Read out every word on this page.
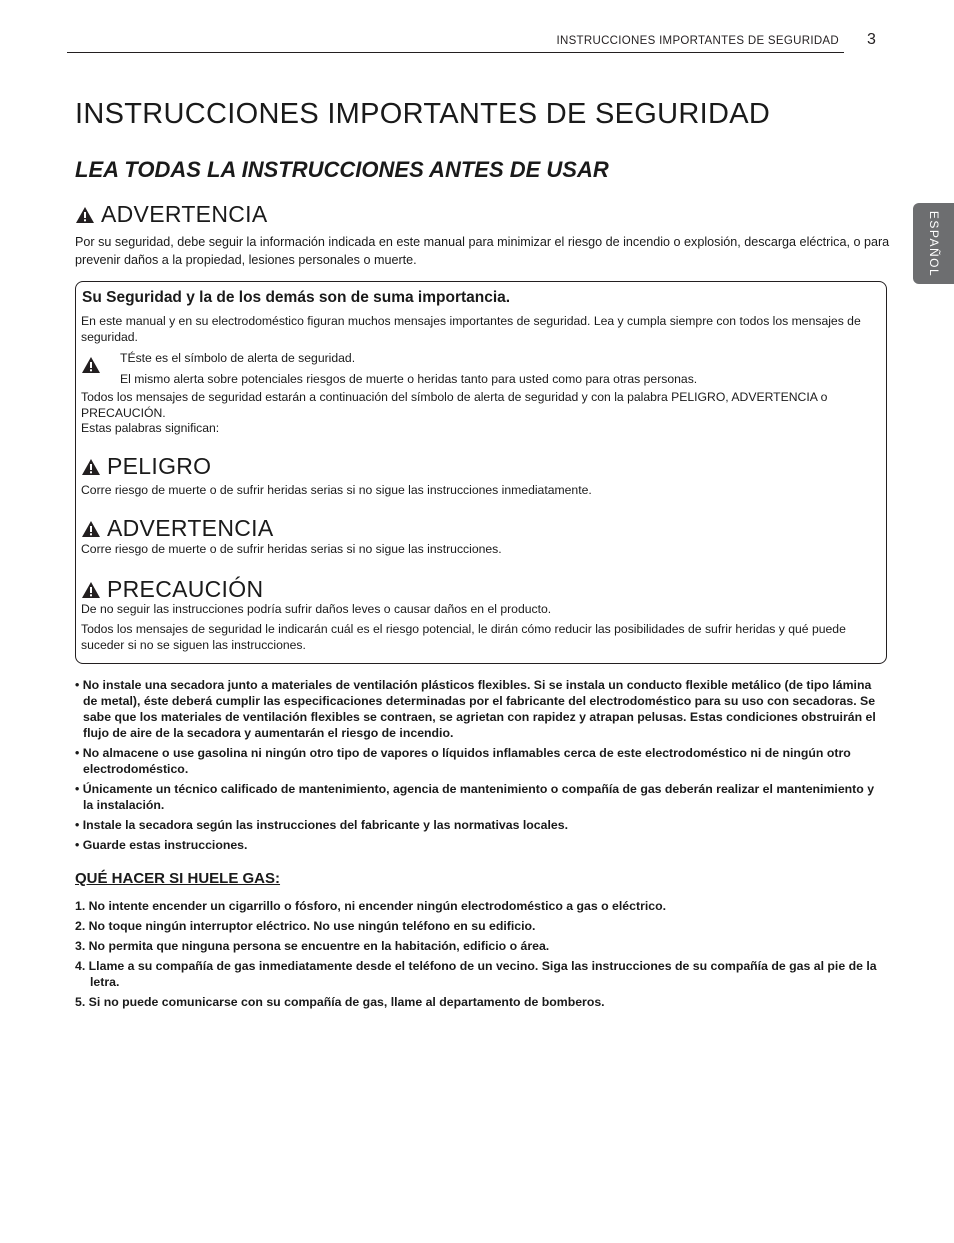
INSTRUCCIONES IMPORTANTES DE SEGURIDAD 3
ESPAÑOL
INSTRUCCIONES IMPORTANTES DE SEGURIDAD
LEA TODAS LA INSTRUCCIONES ANTES DE USAR
ADVERTENCIA
Por su seguridad, debe seguir la información indicada en este manual para minimizar el riesgo de incendio o explosión, descarga eléctrica, o para prevenir daños a la propiedad, lesiones personales o muerte.
Su Seguridad y la de los demás son de suma importancia.
En este manual y en su electrodoméstico figuran muchos mensajes importantes de seguridad. Lea y cumpla siempre con todos los mensajes de seguridad.
TÉste es el símbolo de alerta de seguridad.
El mismo alerta sobre potenciales riesgos de muerte o heridas tanto para usted como para otras personas.
Todos los mensajes de seguridad estarán a continuación del símbolo de alerta de seguridad y con la palabra PELIGRO, ADVERTENCIA o PRECAUCIÓN.
Estas palabras significan:
PELIGRO
Corre riesgo de muerte o de sufrir heridas serias si no sigue las instrucciones inmediatamente.
ADVERTENCIA
Corre riesgo de muerte o de sufrir heridas serias si no sigue las instrucciones.
PRECAUCIÓN
De no seguir las instrucciones podría sufrir daños leves o causar daños en el producto.
Todos los mensajes de seguridad le indicarán cuál es el riesgo potencial, le dirán cómo reducir las posibilidades de sufrir heridas y qué puede suceder si no se siguen las instrucciones.
• No instale una secadora junto a materiales de ventilación plásticos flexibles. Si se instala un conducto flexible metálico (de tipo lámina de metal), éste deberá cumplir las especificaciones determinadas por el fabricante del electrodoméstico para su uso con secadoras. Se sabe que los materiales de ventilación flexibles se contraen, se agrietan con rapidez y atrapan pelusas. Estas condiciones obstruirán el flujo de aire de la secadora y aumentarán el riesgo de incendio.
• No almacene o use gasolina ni ningún otro tipo de vapores o líquidos inflamables cerca de este electrodoméstico ni de ningún otro electrodoméstico.
• Únicamente un técnico calificado de mantenimiento, agencia de mantenimiento o compañía de gas deberán realizar el mantenimiento y la instalación.
• Instale la secadora según las instrucciones del fabricante y las normativas locales.
• Guarde estas instrucciones.
QUÉ HACER SI HUELE GAS:
1. No intente encender un cigarrillo o fósforo, ni encender ningún electrodoméstico a gas o eléctrico.
2. No toque ningún interruptor eléctrico. No use ningún teléfono en su edificio.
3. No permita que ninguna persona se encuentre en la habitación, edificio o área.
4. Llame a su compañía de gas inmediatamente desde el teléfono de un vecino. Siga las instrucciones de su compañía de gas al pie de la letra.
5. Si no puede comunicarse con su compañía de gas, llame al departamento de bomberos.
